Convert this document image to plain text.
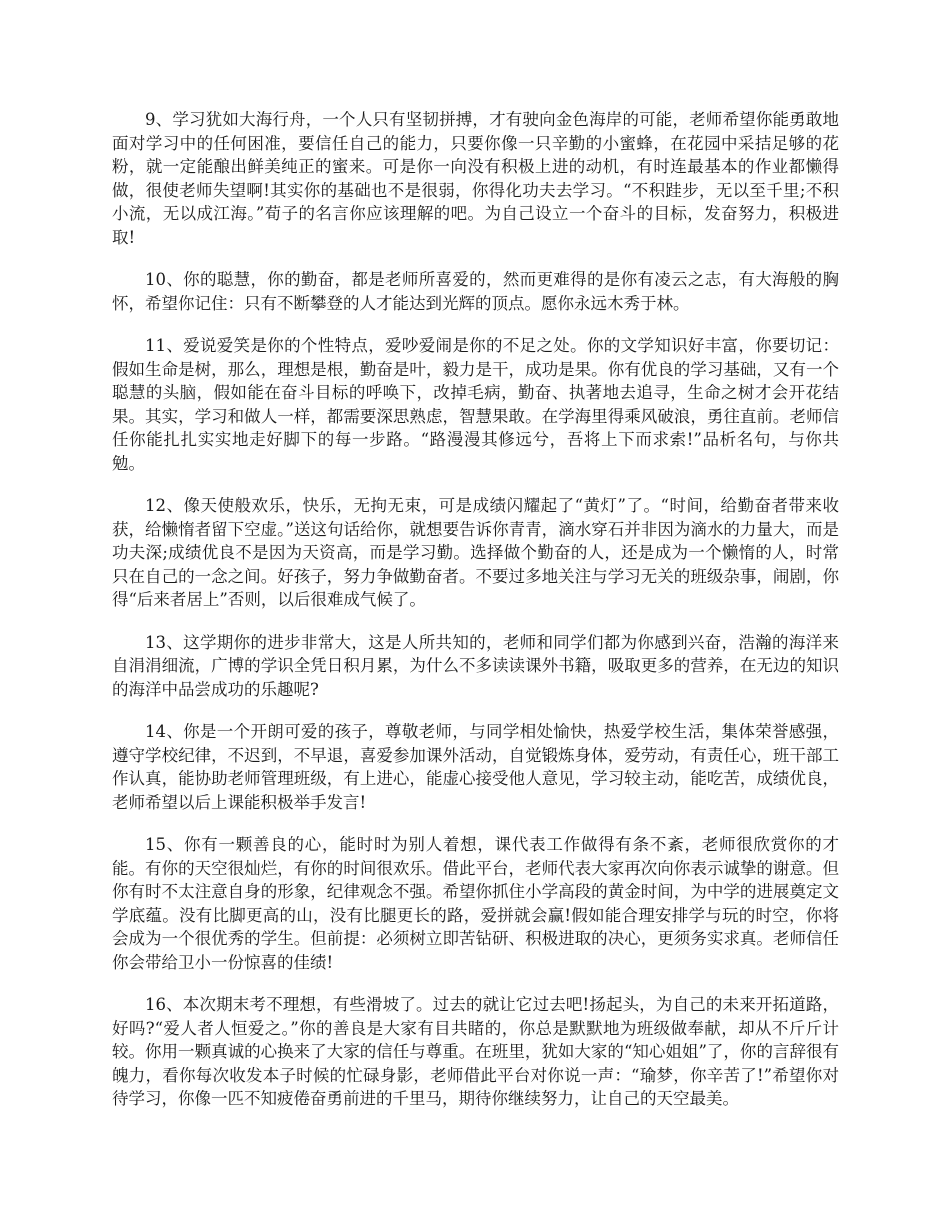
9、学习犹如大海行舟，一个人只有坚韧拼搏，才有驶向金色海岸的可能，老师希望你能勇敢地面对学习中的任何困准，要信任自己的能力，只要你像一只辛勤的小蜜蜂，在花园中采拮足够的花粉，就一定能酿出鲜美纯正的蜜来。可是你一向没有积极上进的动机，有时连最基本的作业都懒得做，很使老师失望啊!其实你的基础也不是很弱，你得化功夫去学习。“不积跬步，无以至千里;不积小流，无以成江海。”荀子的名言你应该理解的吧。为自己设立一个奋斗的目标，发奋努力，积极进取!

10、你的聪慧，你的勤奋，都是老师所喜爱的，然而更难得的是你有凌云之志，有大海般的胸怀，希望你记住：只有不断攀登的人才能达到光辉的顶点。愿你永远木秀于林。

11、爱说爱笑是你的个性特点，爱吵爱闹是你的不足之处。你的文学知识好丰富，你要切记：假如生命是树，那么，理想是根，勤奋是叶，毅力是干，成功是果。你有优良的学习基础，又有一个聪慧的头脑，假如能在奋斗目标的呼唤下，改掉毛病，勤奋、执著地去追寻，生命之树才会开花结果。其实，学习和做人一样，都需要深思熟虑，智慧果敢。在学海里得乘风破浪，勇往直前。老师信任你能扎扎实实地走好脚下的每一步路。“路漫漫其修远兮，吾将上下而求索!”品析名句，与你共勉。

12、像天使般欢乐，快乐，无拘无束，可是成绩闪耀起了“黄灯”了。“时间，给勤奋者带来收获，给懒惰者留下空虚。”送这句话给你，就想要告诉你青青，滴水穿石并非因为滴水的力量大，而是功夫深;成绩优良不是因为天资高，而是学习勤。选择做个勤奋的人，还是成为一个懒惰的人，时常只在自己的一念之间。好孩子，努力争做勤奋者。不要过多地关注与学习无关的班级杂事，闹剧，你得“后来者居上”否则，以后很难成气候了。

13、这学期你的进步非常大，这是人所共知的，老师和同学们都为你感到兴奋，浩瀚的海洋来自涓涓细流，广博的学识全凭日积月累，为什么不多读读课外书籍，吸取更多的营养，在无边的知识的海洋中品尝成功的乐趣呢?

14、你是一个开朗可爱的孩子，尊敬老师，与同学相处愉快，热爱学校生活，集体荣誉感强，遵守学校纪律，不迟到，不早退，喜爱参加课外活动，自觉锻炼身体，爱劳动，有责任心，班干部工作认真，能协助老师管理班级，有上进心，能虚心接受他人意见，学习较主动，能吃苦，成绩优良，老师希望以后上课能积极举手发言!

15、你有一颗善良的心，能时时为别人着想，课代表工作做得有条不紊，老师很欣赏你的才能。有你的天空很灿烂，有你的时间很欢乐。借此平台，老师代表大家再次向你表示诚挚的谢意。但你有时不太注意自身的形象，纪律观念不强。希望你抓住小学高段的黄金时间，为中学的进展奠定文学底蕴。没有比脚更高的山，没有比腿更长的路，爱拼就会赢!假如能合理安排学与玩的时空，你将会成为一个很优秀的学生。但前提：必须树立即苦钻研、积极进取的决心，更须务实求真。老师信任你会带给卫小一份惊喜的佳绩!

16、本次期末考不理想，有些滑坡了。过去的就让它过去吧!扬起头，为自己的未来开拓道路，好吗?“爱人者人恒爱之。”你的善良是大家有目共睹的，你总是默默地为班级做奉献，却从不斤斤计较。你用一颗真诚的心换来了大家的信任与尊重。在班里，犹如大家的“知心姐姐”了，你的言辞很有魄力，看你每次收发本子时候的忙碌身影，老师借此平台对你说一声：“瑜梦，你辛苦了!”希望你对待学习，你像一匹不知疲倦奋勇前进的千里马，期待你继续努力，让自己的天空最美。
